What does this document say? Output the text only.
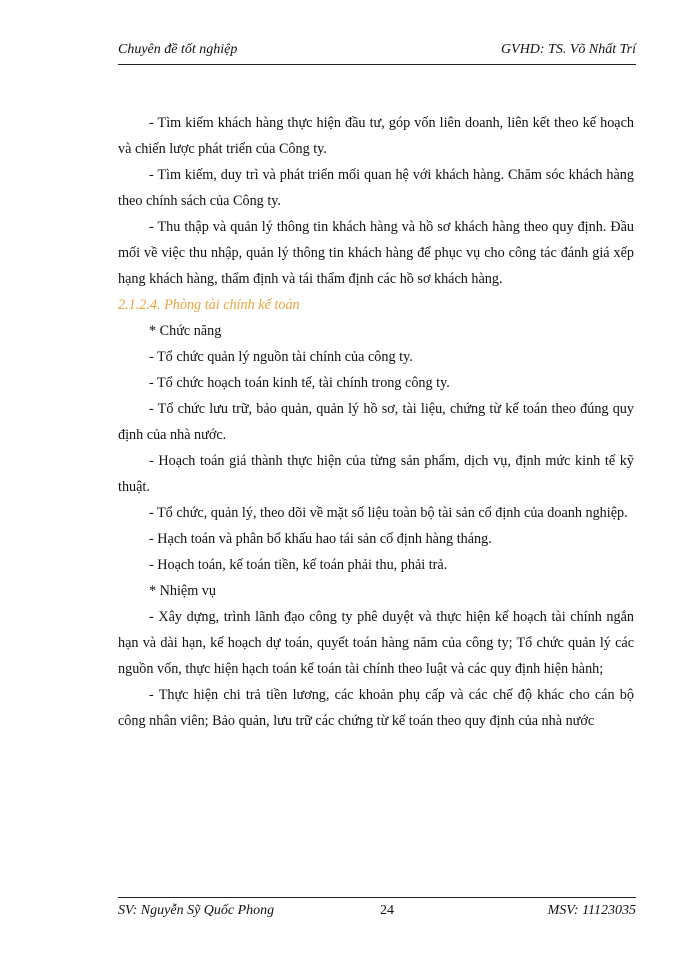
Chuyên đề tốt nghiệp	GVHD: TS. Võ Nhất Trí

- Tìm kiếm khách hàng thực hiện đầu tư, góp vốn liên doanh, liên kết theo kế hoạch và chiến lược phát triển của Công ty.

- Tìm kiếm, duy trì và phát triển mối quan hệ với khách hàng. Chăm sóc khách hàng theo chính sách của Công ty.

- Thu thập và quản lý thông tin khách hàng và hồ sơ khách hàng theo quy định. Đầu mối về việc thu nhập, quản lý thông tin khách hàng để phục vụ cho công tác đánh giá xếp hạng khách hàng, thẩm định và tái thẩm định các hồ sơ khách hàng.

2.1.2.4. Phòng tài chính kế toán

* Chức năng

- Tổ chức quản lý nguồn tài chính của công ty.

- Tổ chức hoạch toán kinh tế, tài chính trong công ty.

- Tổ chức lưu trữ, bảo quản, quản lý hồ sơ, tài liệu, chứng từ kế toán theo đúng quy định của nhà nước.

- Hoạch toán giá thành thực hiện của từng sản phẩm, dịch vụ, định mức kinh tế kỹ thuật.

- Tổ chức, quản lý, theo dõi về mặt số liệu toàn bộ tài sản cố định của doanh nghiệp.

- Hạch toán và phân bổ khấu hao tái sản cố định hàng tháng.

- Hoạch toán, kế toán tiền, kế toán phải thu, phải trả.

* Nhiệm vụ

- Xây dựng, trình lãnh đạo công ty phê duyệt và thực hiện kế hoạch tài chính ngắn hạn và dài hạn, kế hoạch dự toán, quyết toán hàng năm của công ty; Tổ chức quản lý các nguồn vốn, thực hiện hạch toán kế toán tài chính theo luật và các quy định hiện hành;

- Thực hiện chi trả tiền lương, các khoản phụ cấp và các chế độ khác cho cán bộ công nhân viên; Bảo quản, lưu trữ các chứng từ kế toán theo quy định của nhà nước

SV: Nguyễn Sỹ Quốc Phong	24	MSV: 11123035
